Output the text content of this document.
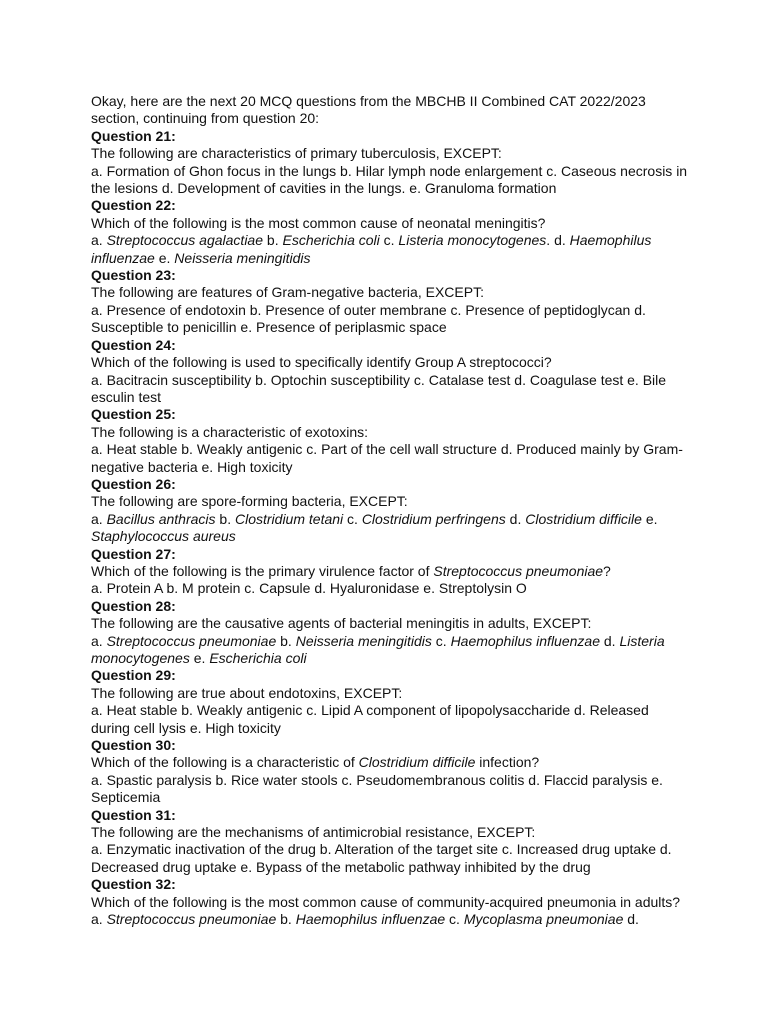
Okay, here are the next 20 MCQ questions from the MBCHB II Combined CAT 2022/2023 section, continuing from question 20:

Question 21:
The following are characteristics of primary tuberculosis, EXCEPT:
a. Formation of Ghon focus in the lungs b. Hilar lymph node enlargement c. Caseous necrosis in the lesions d. Development of cavities in the lungs. e. Granuloma formation
Question 22:
Which of the following is the most common cause of neonatal meningitis?
a. Streptococcus agalactiae b. Escherichia coli c. Listeria monocytogenes. d. Haemophilus influenzae e. Neisseria meningitidis
Question 23:
The following are features of Gram-negative bacteria, EXCEPT:
a. Presence of endotoxin b. Presence of outer membrane c. Presence of peptidoglycan d. Susceptible to penicillin e. Presence of periplasmic space
Question 24:
Which of the following is used to specifically identify Group A streptococci?
a. Bacitracin susceptibility b. Optochin susceptibility c. Catalase test d. Coagulase test e. Bile esculin test
Question 25:
The following is a characteristic of exotoxins:
a. Heat stable b. Weakly antigenic c. Part of the cell wall structure d. Produced mainly by Gram-negative bacteria e. High toxicity
Question 26:
The following are spore-forming bacteria, EXCEPT:
a. Bacillus anthracis b. Clostridium tetani c. Clostridium perfringens d. Clostridium difficile e. Staphylococcus aureus
Question 27:
Which of the following is the primary virulence factor of Streptococcus pneumoniae?
a. Protein A b. M protein c. Capsule d. Hyaluronidase e. Streptolysin O
Question 28:
The following are the causative agents of bacterial meningitis in adults, EXCEPT:
a. Streptococcus pneumoniae b. Neisseria meningitidis c. Haemophilus influenzae d. Listeria monocytogenes e. Escherichia coli
Question 29:
The following are true about endotoxins, EXCEPT:
a. Heat stable b. Weakly antigenic c. Lipid A component of lipopolysaccharide d. Released during cell lysis e. High toxicity
Question 30:
Which of the following is a characteristic of Clostridium difficile infection?
a. Spastic paralysis b. Rice water stools c. Pseudomembranous colitis d. Flaccid paralysis e. Septicemia
Question 31:
The following are the mechanisms of antimicrobial resistance, EXCEPT:
a. Enzymatic inactivation of the drug b. Alteration of the target site c. Increased drug uptake d. Decreased drug uptake e. Bypass of the metabolic pathway inhibited by the drug
Question 32:
Which of the following is the most common cause of community-acquired pneumonia in adults?
a. Streptococcus pneumoniae b. Haemophilus influenzae c. Mycoplasma pneumoniae d.
